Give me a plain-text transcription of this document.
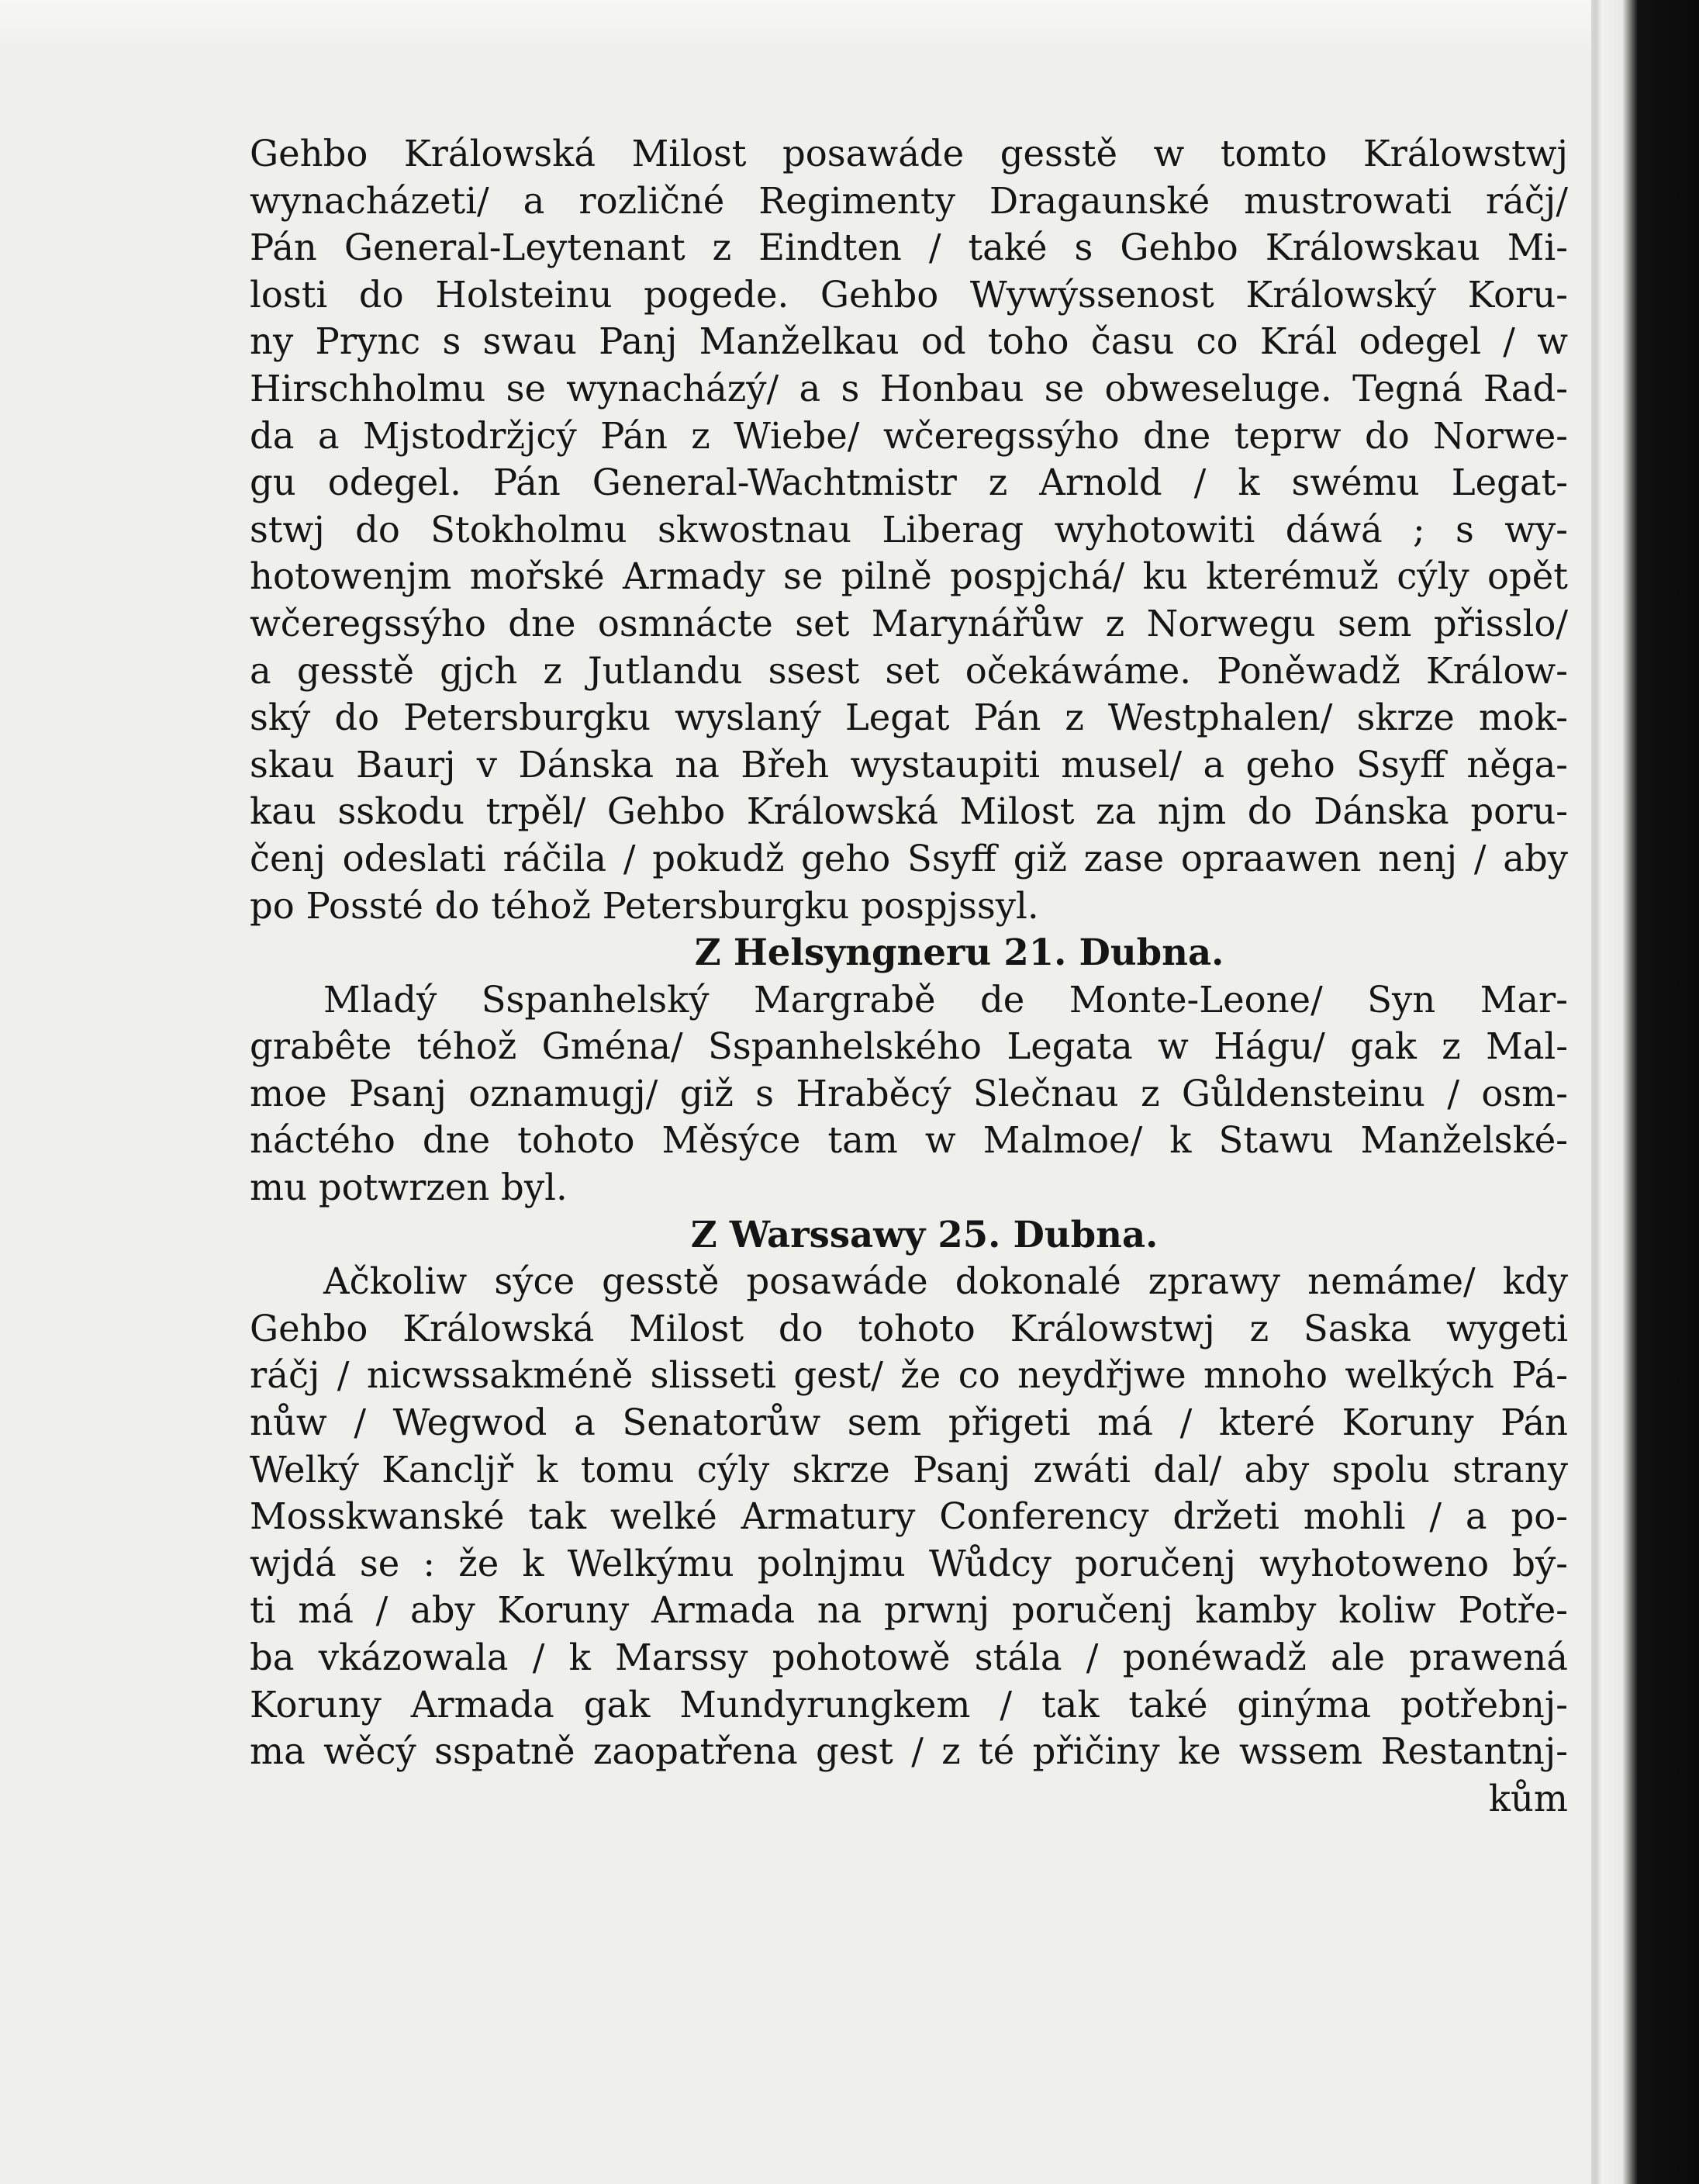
Gehbo Králowská Milost posawáde gesstě w tomto Králowstwj
wynacházeti/ a rozličné Regimenty Dragaunské mustrowati ráčj/
Pán General-Leytenant z Eindten / také s Gehbo Králowskau Mi-
losti do Holsteinu pogede. Gehbo Wywýssenost Králowský Koru-
ny Prync s swau Panj Manželkau od toho času co Král odegel / w
Hirschholmu se wynacházý/ a s Honbau se obweseluge. Tegná Rad-
da a Mjstodržjcý Pán z Wiebe/ wčeregssýho dne teprw do Norwe-
gu odegel. Pán General-Wachtmistr z Arnold / k swému Legat-
stwj do Stokholmu skwostnau Liberag wyhotowiti dáwá ; s wy-
hotowenjm mořské Armady se pilně pospjchá/ ku kterémuž cýly opět
wčeregssýho dne osmnácte set Marynářůw z Norwegu sem přisslo/
a gesstě gjch z Jutlandu ssest set očekáwáme. Poněwadž Králow-
ský do Petersburgku wyslaný Legat Pán z Westphalen/ skrze mok-
skau Baurj v Dánska na Břeh wystaupiti musel/ a geho Ssyff něga-
kau sskodu trpěl/ Gehbo Králowská Milost za njm do Dánska poru-
čenj odeslati ráčila / pokudž geho Ssyff giž zase opraawen nenj / aby
po Possté do téhož Petersburgku pospjssyl.
Z Helsyngneru 21. Dubna.
Mladý Sspanhelský Margrabě de Monte-Leone/ Syn Mar-
grabête téhož Gména/ Sspanhelského Legata w Hágu/ gak z Mal-
moe Psanj oznamugj/ giž s Hraběcý Slečnau z Gůldensteinu / osm-
náctého dne tohoto Měsýce tam w Malmoe/ k Stawu Manželské-
mu potwrzen byl.
Z Warssawy 25. Dubna.
Ačkoliw sýce gesstě posawáde dokonalé zprawy nemáme/ kdy
Gehbo Králowská Milost do tohoto Králowstwj z Saska wygeti
ráčj / nicwssakméně slisseti gest/ že co neydřjwe mnoho welkých Pá-
nůw / Wegwod a Senatorůw sem přigeti má / které Koruny Pán
Welký Kancljř k tomu cýly skrze Psanj zwáti dal/ aby spolu strany
Mosskwanské tak welké Armatury Conferency držeti mohli / a po-
wjdá se : že k Welkýmu polnjmu Wůdcy poručenj wyhotoweno bý-
ti má / aby Koruny Armada na prwnj poručenj kamby koliw Potře-
ba vkázowala / k Marssy pohotowě stála / ponéwadž ale prawená
Koruny Armada gak Mundyrungkem / tak také ginýma potřebnj-
ma wěcý sspatně zaopatřena gest / z té přičiny ke wssem Restantnj-
kům
